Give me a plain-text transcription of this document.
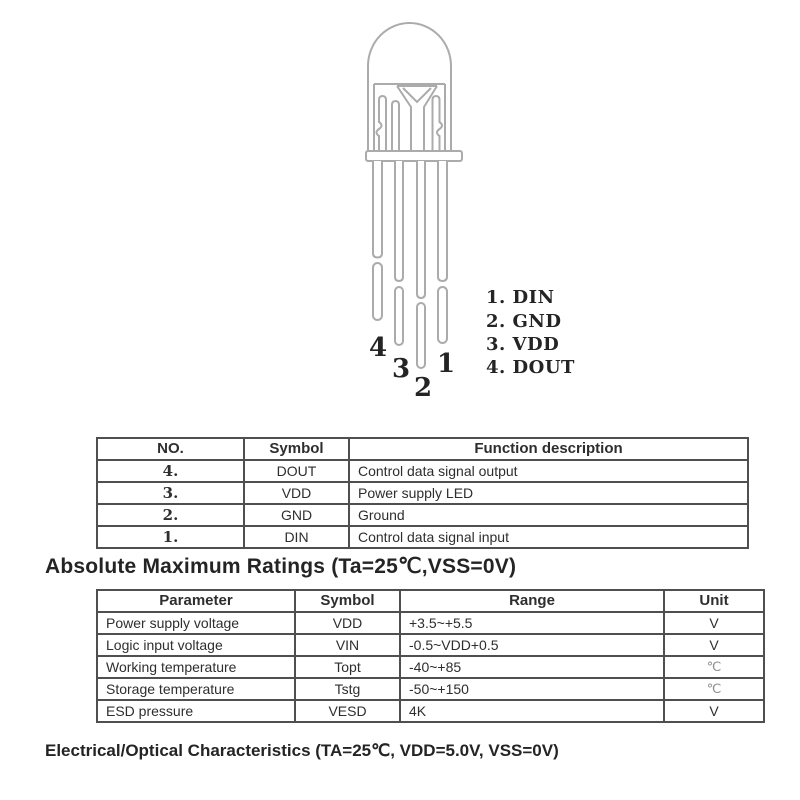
4
3
2
1
1. DIN
2. GND
3. VDD
4. DOUT
NO.	Symbol	Function description
4.	DOUT	Control data signal output
3.	VDD	Power supply LED
2.	GND	Ground
1.	DIN	Control data signal input
Absolute Maximum Ratings (Ta=25℃,VSS=0V)
Parameter	Symbol	Range	Unit
Power supply voltage	VDD	+3.5~+5.5	V
Logic input voltage	VIN	-0.5~VDD+0.5	V
Working temperature	Topt	-40~+85	℃
Storage temperature	Tstg	-50~+150	℃
ESD pressure	VESD	4K	V
Electrical/Optical Characteristics (TA=25℃, VDD=5.0V, VSS=0V)
